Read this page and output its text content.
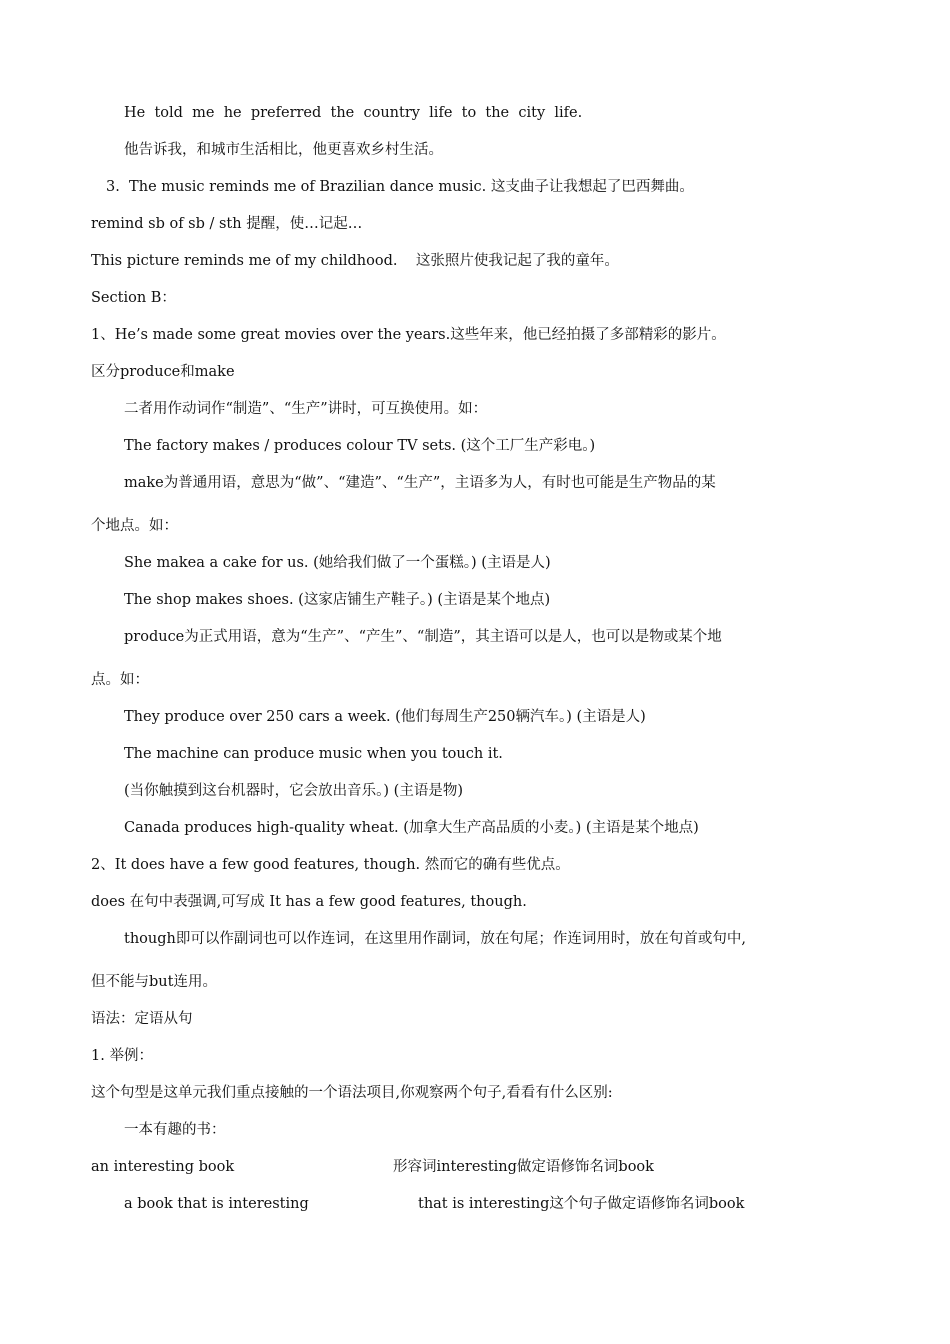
He  told  me  he  preferred  the  country  life  to  the  city  life.
他告诉我，和城市生活相比，他更喜欢乡村生活。
3.  The music reminds me of Brazilian dance music. 这支曲子让我想起了巴西舞曲。
remind sb of sb / sth 提醒，使…记起…
This picture reminds me of my childhood.    这张照片使我记起了我的童年。
Section B：
1、He’s made some great movies over the years.这些年来，他已经拍摄了多部精彩的影片。
区分produce和make
二者用作动词作“制造”、“生产”讲时，可互换使用。如：
The factory makes / produces colour TV sets. (这个工厂生产彩电。)
make为普通用语，意思为“做”、“建造”、“生产”，主语多为人，有时也可能是生产物品的某
个地点。如：
She makea a cake for us. (她给我们做了一个蛋糕。) (主语是人)
The shop makes shoes. (这家店铺生产鞋子。) (主语是某个地点)
produce为正式用语，意为“生产”、“产生”、“制造”，其主语可以是人，也可以是物或某个地
点。如：
They produce over 250 cars a week. (他们每周生产250辆汽车。) (主语是人)
The machine can produce music when you touch it.
(当你触摸到这台机器时，它会放出音乐。) (主语是物)
Canada produces high-quality wheat. (加拿大生产高品质的小麦。) (主语是某个地点)
2、It does have a few good features, though. 然而它的确有些优点。
does 在句中表强调,可写成 It has a few good features, though.
though即可以作副词也可以作连词，在这里用作副词，放在句尾；作连词用时，放在句首或句中,
但不能与but连用。
语法：定语从句
1. 举例：
这个句型是这单元我们重点接触的一个语法项目,你观察两个句子,看看有什么区别:
一本有趣的书：
an interesting book	形容词interesting做定语修饰名词book
a book that is interesting	that is interesting这个句子做定语修饰名词book
